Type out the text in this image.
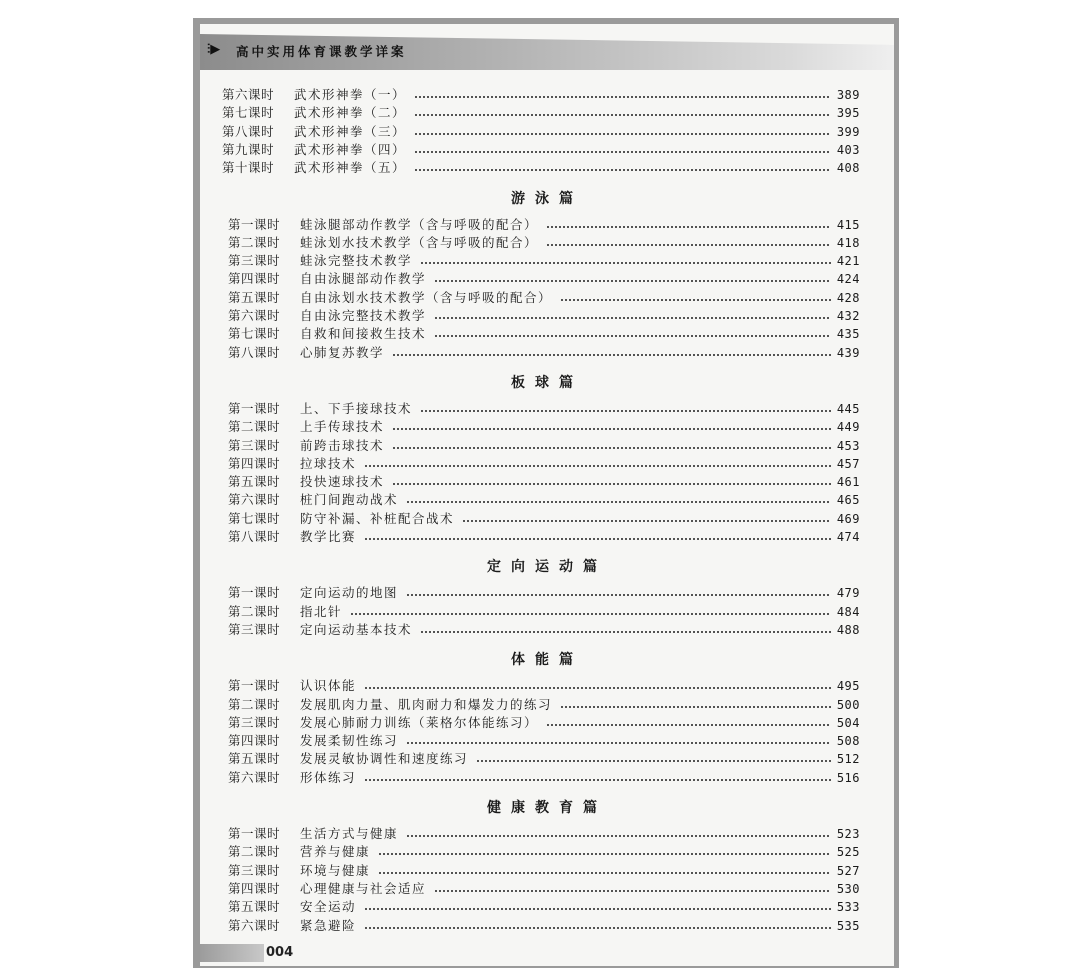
⫶▶	高中实用体育课教学详案
第六课时	武术形神拳（一）	389
第七课时	武术形神拳（二）	395
第八课时	武术形神拳（三）	399
第九课时	武术形神拳（四）	403
第十课时	武术形神拳（五）	408
游泳篇
第一课时	蛙泳腿部动作教学（含与呼吸的配合）	415
第二课时	蛙泳划水技术教学（含与呼吸的配合）	418
第三课时	蛙泳完整技术教学	421
第四课时	自由泳腿部动作教学	424
第五课时	自由泳划水技术教学（含与呼吸的配合）	428
第六课时	自由泳完整技术教学	432
第七课时	自救和间接救生技术	435
第八课时	心肺复苏教学	439
板球篇
第一课时	上、下手接球技术	445
第二课时	上手传球技术	449
第三课时	前跨击球技术	453
第四课时	拉球技术	457
第五课时	投快速球技术	461
第六课时	桩门间跑动战术	465
第七课时	防守补漏、补桩配合战术	469
第八课时	教学比赛	474
定向运动篇
第一课时	定向运动的地图	479
第二课时	指北针	484
第三课时	定向运动基本技术	488
体能篇
第一课时	认识体能	495
第二课时	发展肌肉力量、肌肉耐力和爆发力的练习	500
第三课时	发展心肺耐力训练（莱格尔体能练习）	504
第四课时	发展柔韧性练习	508
第五课时	发展灵敏协调性和速度练习	512
第六课时	形体练习	516
健康教育篇
第一课时	生活方式与健康	523
第二课时	营养与健康	525
第三课时	环境与健康	527
第四课时	心理健康与社会适应	530
第五课时	安全运动	533
第六课时	紧急避险	535
004
